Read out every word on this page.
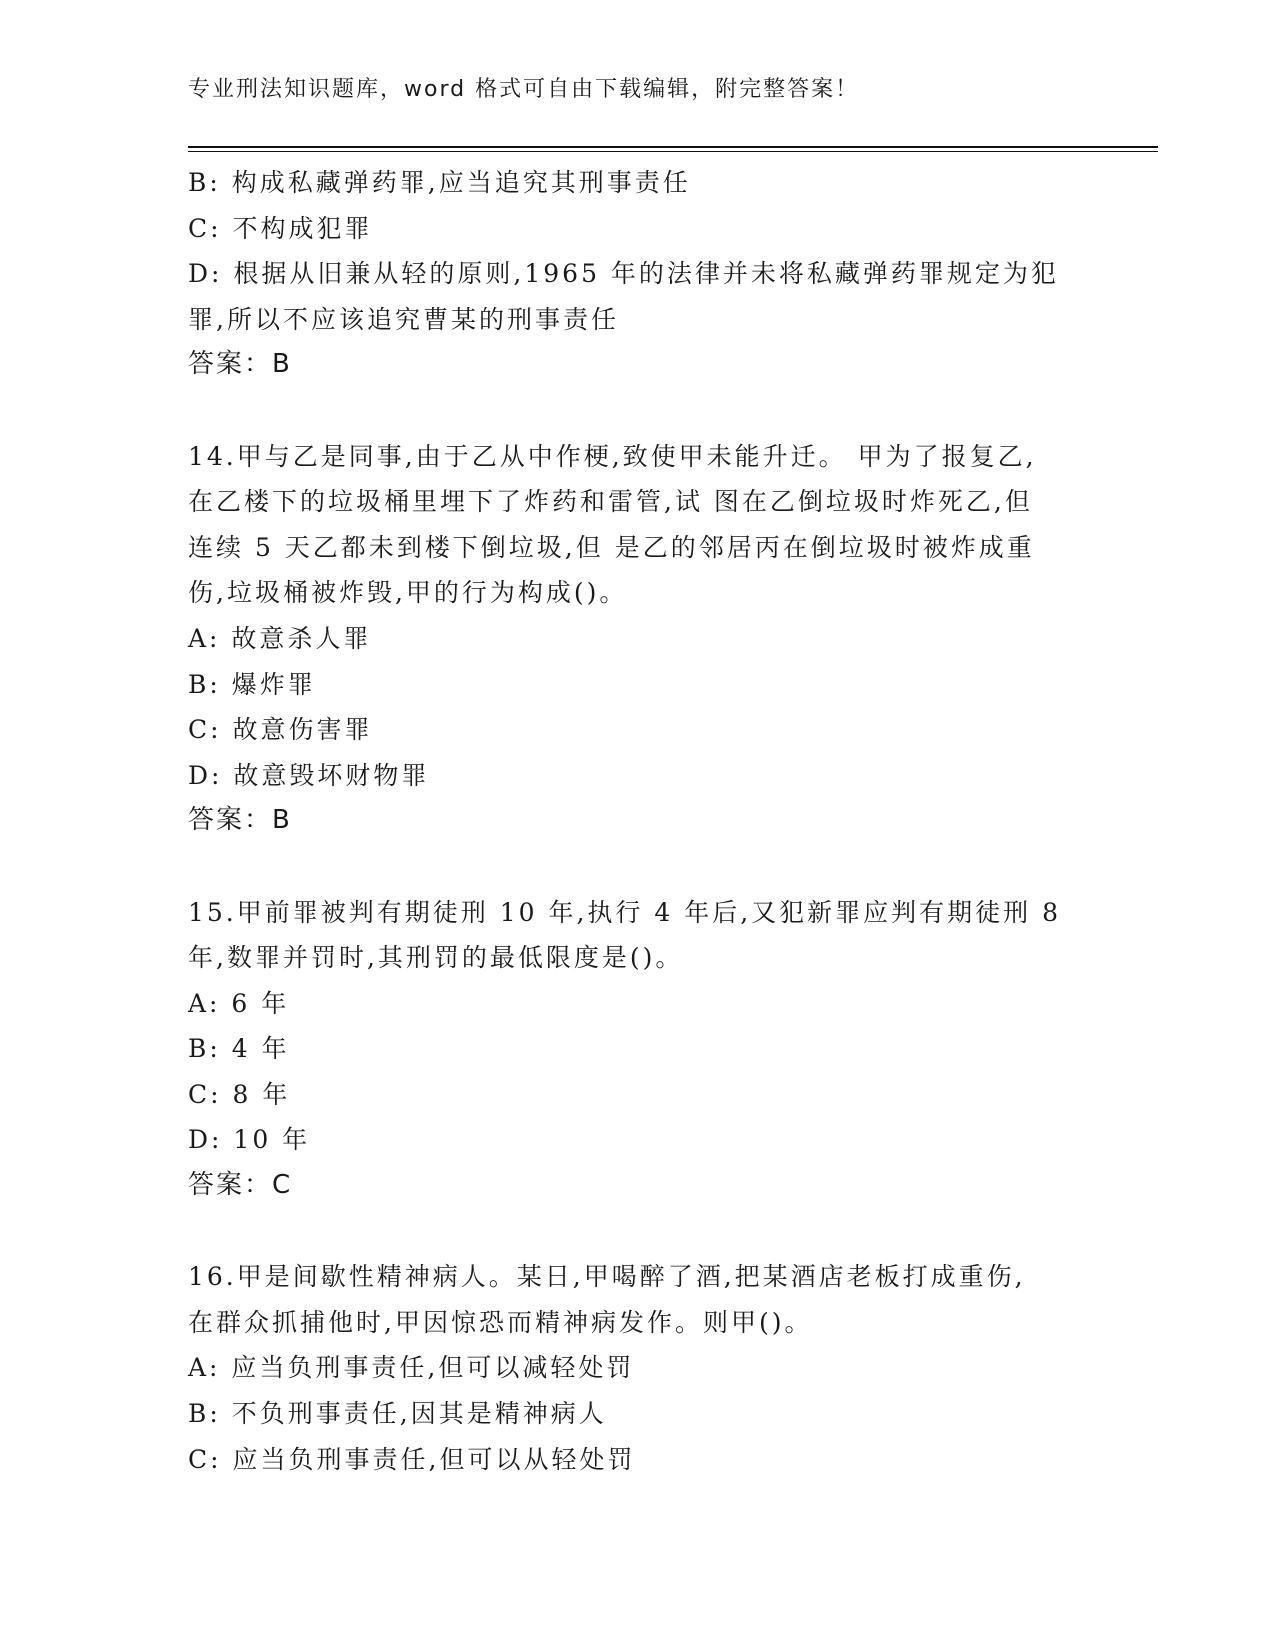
专业刑法知识题库，word 格式可自由下载编辑，附完整答案！

B: 构成私藏弹药罪,应当追究其刑事责任

C: 不构成犯罪

D: 根据从旧兼从轻的原则,1965 年的法律并未将私藏弹药罪规定为犯

罪,所以不应该追究曹某的刑事责任

答案：B

14.甲与乙是同事,由于乙从中作梗,致使甲未能升迁。 甲为了报复乙,

在乙楼下的垃圾桶里埋下了炸药和雷管,试 图在乙倒垃圾时炸死乙,但

连续 5 天乙都未到楼下倒垃圾,但 是乙的邻居丙在倒垃圾时被炸成重

伤,垃圾桶被炸毁,甲的行为构成()。

A: 故意杀人罪

B: 爆炸罪

C: 故意伤害罪

D: 故意毁坏财物罪

答案：B

15.甲前罪被判有期徒刑 10 年,执行 4 年后,又犯新罪应判有期徒刑 8

年,数罪并罚时,其刑罚的最低限度是()。

A: 6 年

B: 4 年

C: 8 年

D: 10 年

答案：C

16.甲是间歇性精神病人。某日,甲喝醉了酒,把某酒店老板打成重伤,

在群众抓捕他时,甲因惊恐而精神病发作。则甲()。

A: 应当负刑事责任,但可以减轻处罚

B: 不负刑事责任,因其是精神病人

C: 应当负刑事责任,但可以从轻处罚
